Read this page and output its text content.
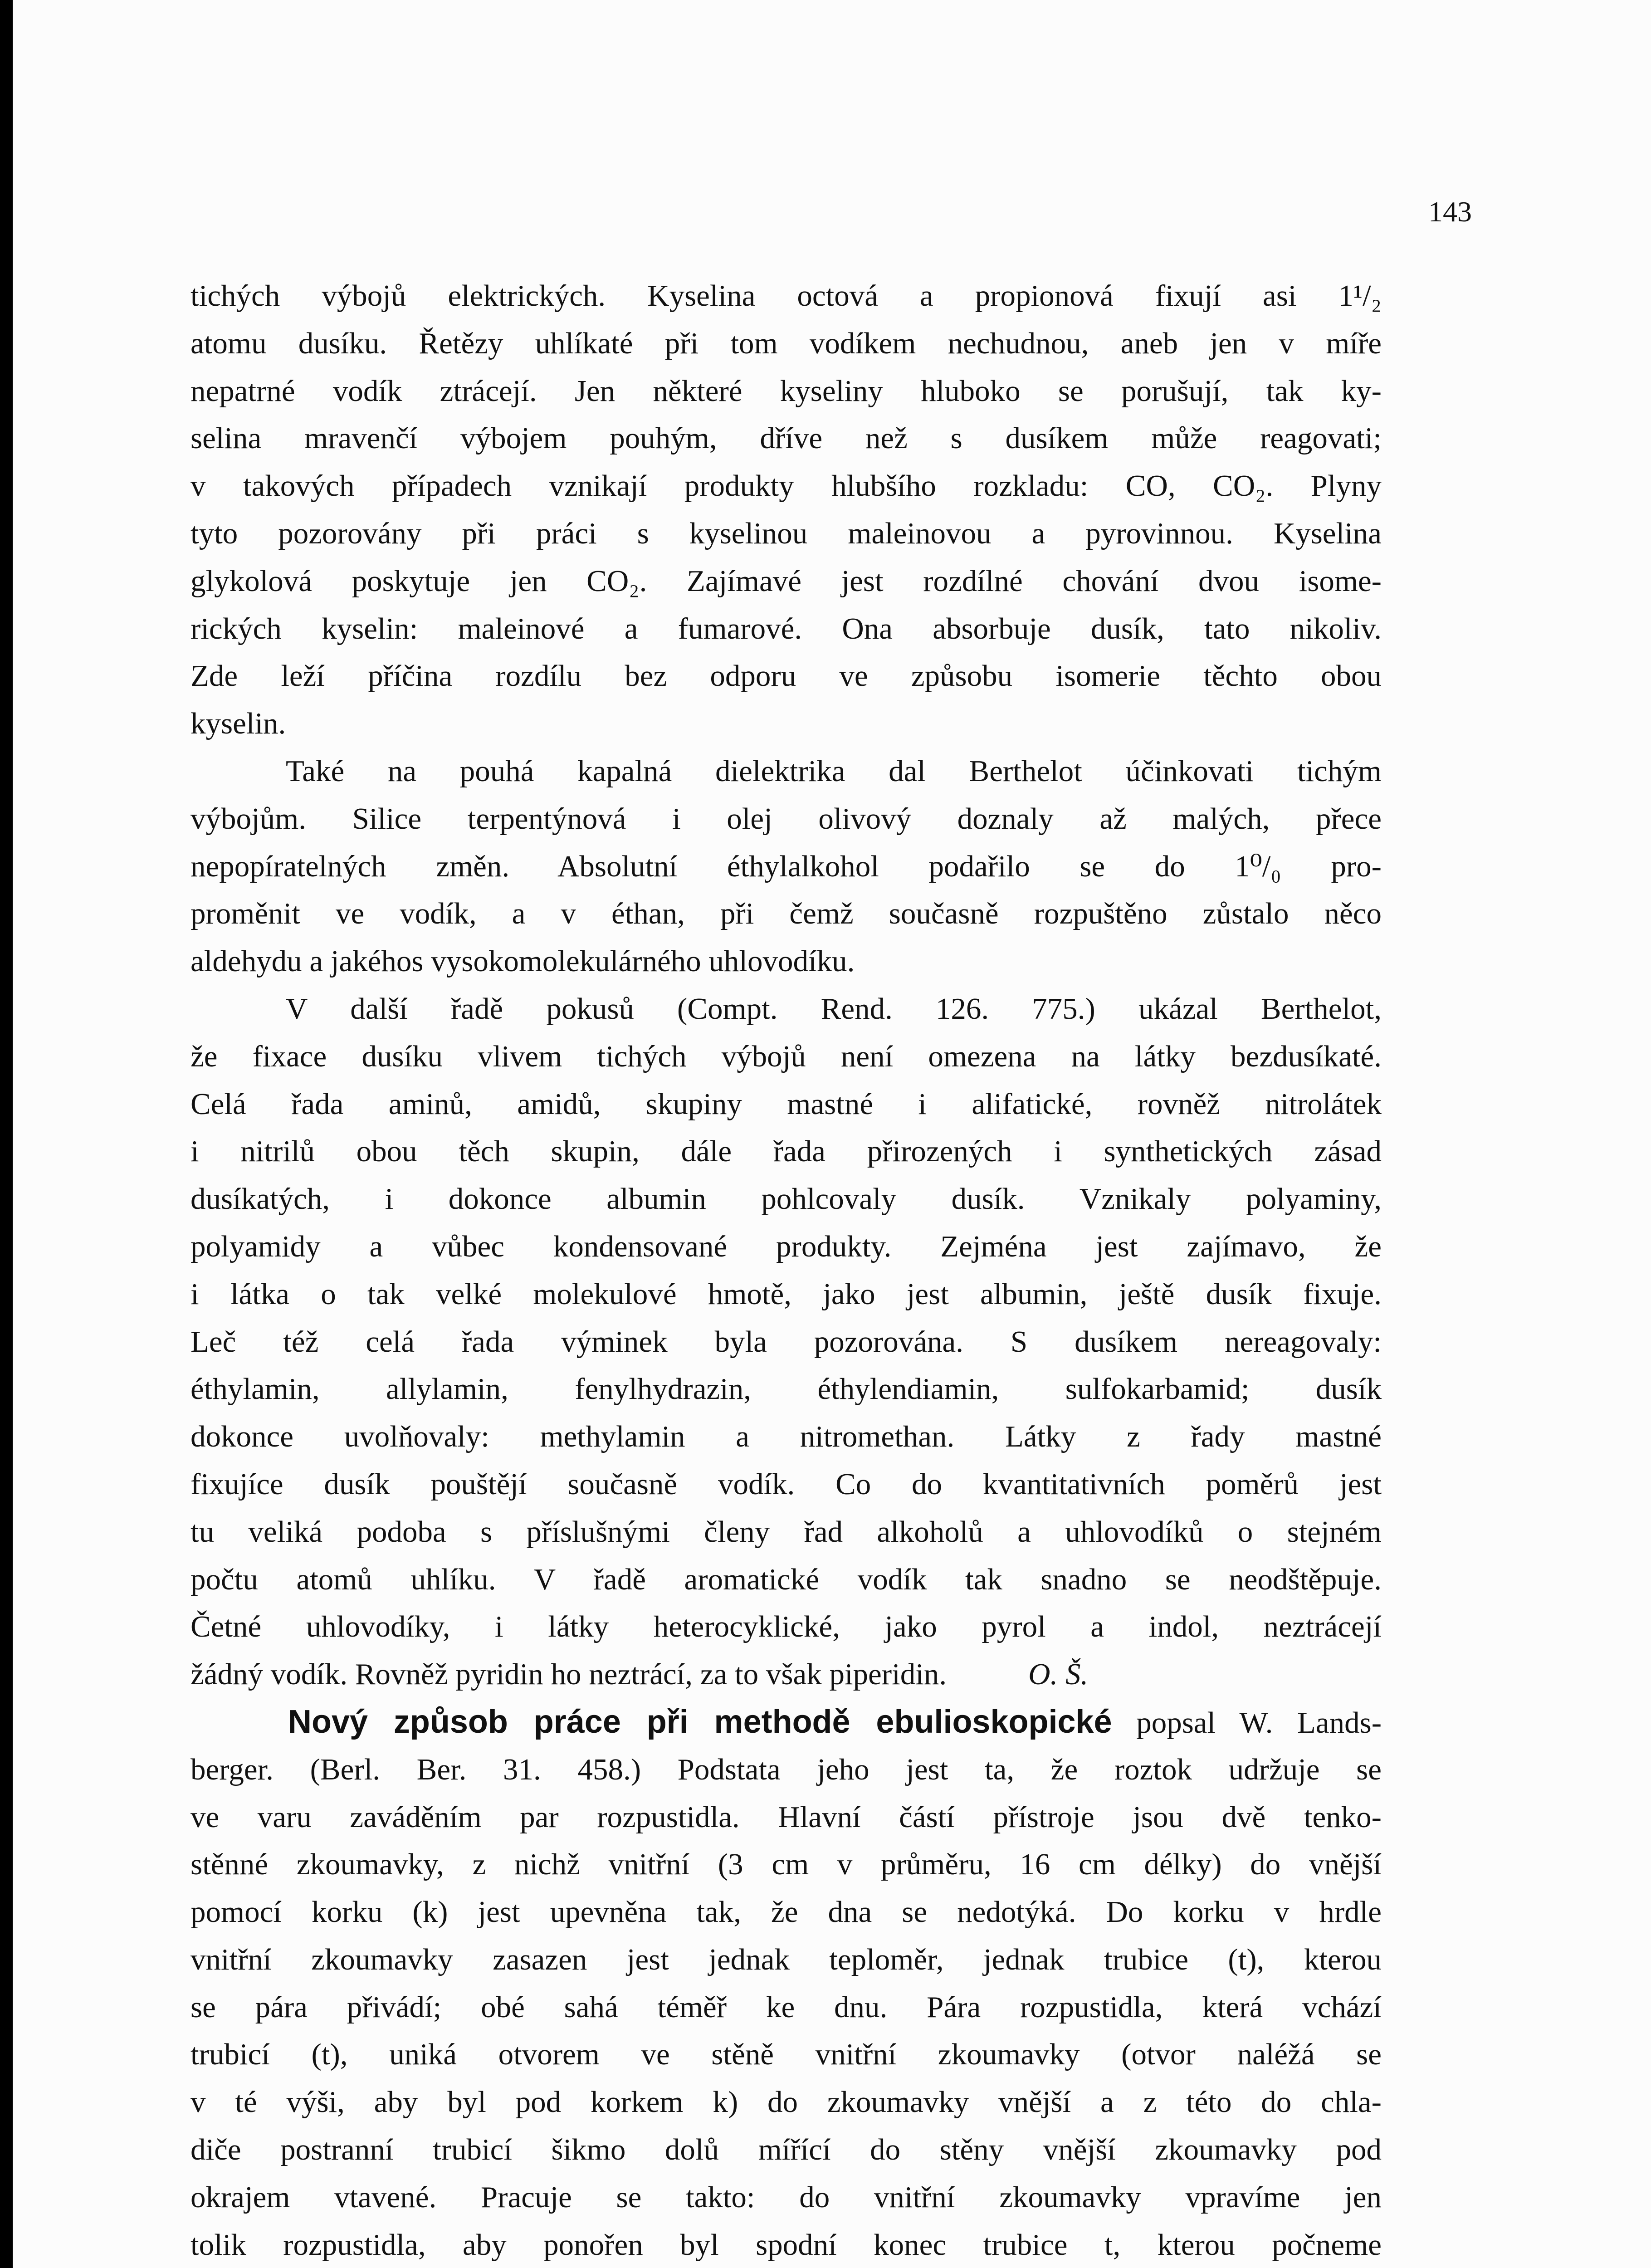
143

tichých výbojů elektrických. Kyselina octová a propionová fixují asi 1¹/₂
atomu dusíku. Řetězy uhlíkaté při tom vodíkem nechudnou, aneb jen v míře
nepatrné vodík ztrácejí. Jen některé kyseliny hluboko se porušují, tak ky-
selina mravenčí výbojem pouhým, dříve než s dusíkem může reagovati;
v takových případech vznikají produkty hlubšího rozkladu: CO, CO₂. Plyny
tyto pozorovány při práci s kyselinou maleinovou a pyrovinnou. Kyselina
glykolová poskytuje jen CO₂. Zajímavé jest rozdílné chování dvou isome-
rických kyselin: maleinové a fumarové. Ona absorbuje dusík, tato nikoliv.
Zde leží příčina rozdílu bez odporu ve způsobu isomerie těchto obou
kyselin.
Také na pouhá kapalná dielektrika dal Berthelot účinkovati tichým
výbojům. Silice terpentýnová i olej olivový doznaly až malých, přece
nepopíratelných změn. Absolutní éthylalkohol podařilo se do 1⁰/₀ pro-
proměnit ve vodík, a v éthan, při čemž současně rozpuštěno zůstalo něco
aldehydu a jakéhos vysokomolekulárného uhlovodíku.
V další řadě pokusů (Compt. Rend. 126. 775.) ukázal Berthelot,
že fixace dusíku vlivem tichých výbojů není omezena na látky bezdusíkaté.
Celá řada aminů, amidů, skupiny mastné i alifatické, rovněž nitrolátek
i nitrilů obou těch skupin, dále řada přirozených i synthetických zásad
dusíkatých, i dokonce albumin pohlcovaly dusík. Vznikaly polyaminy,
polyamidy a vůbec kondensované produkty. Zejména jest zajímavo, že
i látka o tak velké molekulové hmotě, jako jest albumin, ještě dusík fixuje.
Leč též celá řada výminek byla pozorována. S dusíkem nereagovaly:
éthylamin, allylamin, fenylhydrazin, éthylendiamin, sulfokarbamid; dusík
dokonce uvolňovaly: methylamin a nitromethan. Látky z řady mastné
fixujíce dusík pouštějí současně vodík. Co do kvantitativních poměrů jest
tu veliká podoba s příslušnými členy řad alkoholů a uhlovodíků o stejném
počtu atomů uhlíku. V řadě aromatické vodík tak snadno se neodštěpuje.
Četné uhlovodíky, i látky heterocyklické, jako pyrol a indol, neztrácejí
žádný vodík. Rovněž pyridin ho neztrácí, za to však piperidin.	O. Š.
Nový způsob práce při methodě ebulioskopické popsal W. Lands-
berger. (Berl. Ber. 31. 458.) Podstata jeho jest ta, že roztok udržuje se
ve varu zaváděním par rozpustidla. Hlavní částí přístroje jsou dvě tenko-
stěnné zkoumavky, z nichž vnitřní (3 cm v průměru, 16 cm délky) do vnější
pomocí korku (k) jest upevněna tak, že dna se nedotýká. Do korku v hrdle
vnitřní zkoumavky zasazen jest jednak teploměr, jednak trubice (t), kterou
se pára přivádí; obé sahá téměř ke dnu. Pára rozpustidla, která vchází
trubicí (t), uniká otvorem ve stěně vnitřní zkoumavky (otvor naléžá se
v té výši, aby byl pod korkem k) do zkoumavky vnější a z této do chla-
diče postranní trubicí šikmo dolů mířící do stěny vnější zkoumavky pod
okrajem vtavené. Pracuje se takto: do vnitřní zkoumavky vpravíme jen
tolik rozpustidla, aby ponořen byl spodní konec trubice t, kterou počneme
